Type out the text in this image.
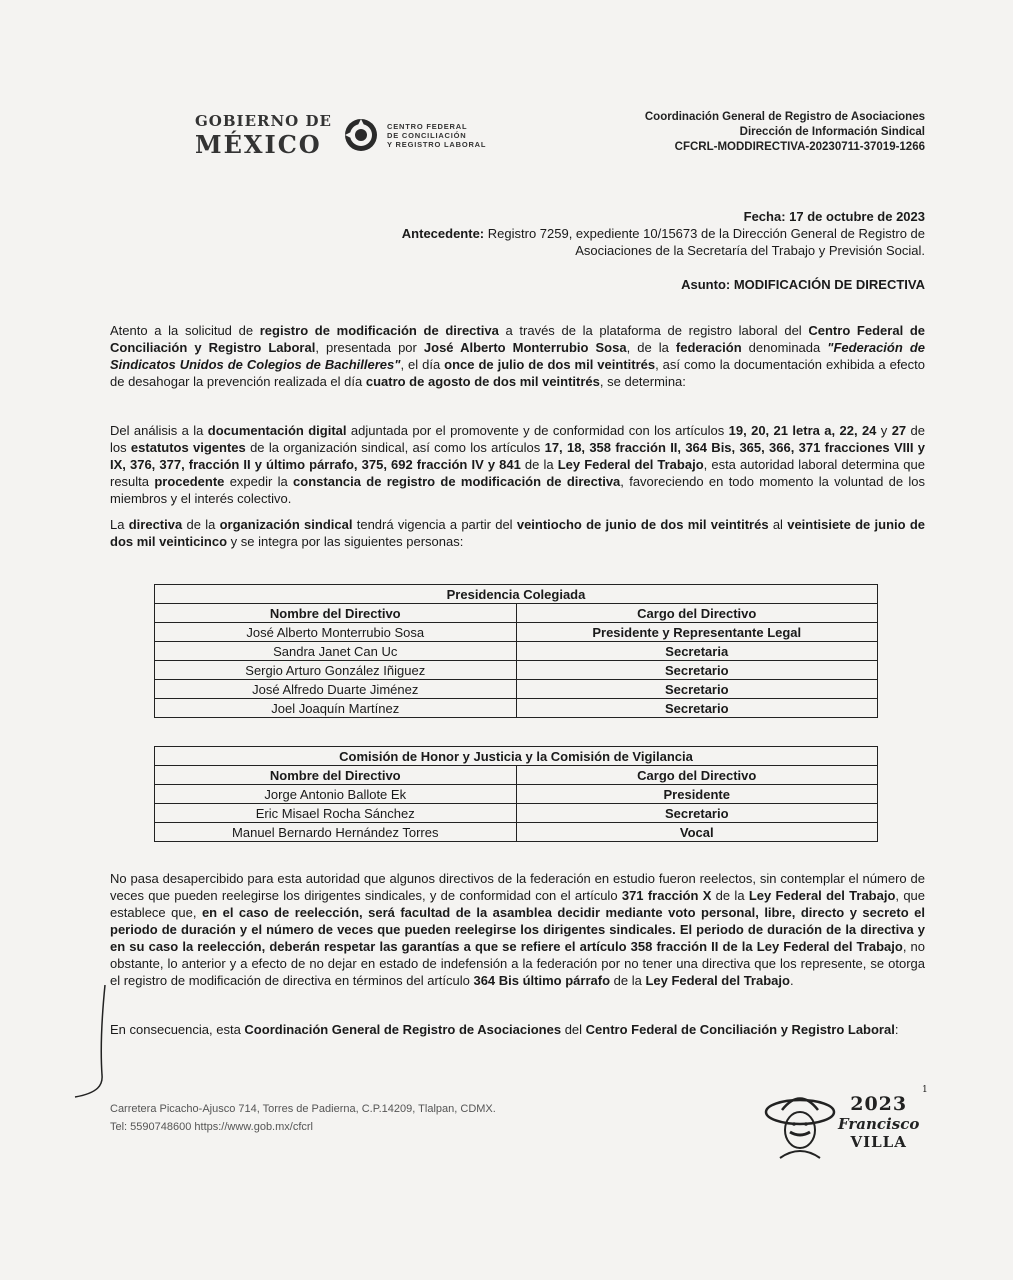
GOBIERNO DE
MÉXICO
CENTRO FEDERAL
DE CONCILIACIÓN
Y REGISTRO LABORAL
Coordinación General de Registro de Asociaciones
Dirección de Información Sindical
CFCRL-MODDIRECTIVA-20230711-37019-1266
Fecha: 17 de octubre de 2023
Antecedente: Registro 7259, expediente 10/15673 de la Dirección General de Registro de Asociaciones de la Secretaría del Trabajo y Previsión Social.
Asunto: MODIFICACIÓN DE DIRECTIVA
Atento a la solicitud de registro de modificación de directiva a través de la plataforma de registro laboral del Centro Federal de Conciliación y Registro Laboral, presentada por José Alberto Monterrubio Sosa, de la federación denominada "Federación de Sindicatos Unidos de Colegios de Bachilleres", el día once de julio de dos mil veintitrés, así como la documentación exhibida a efecto de desahogar la prevención realizada el día cuatro de agosto de dos mil veintitrés, se determina:
Del análisis a la documentación digital adjuntada por el promovente y de conformidad con los artículos 19, 20, 21 letra a, 22, 24 y 27 de los estatutos vigentes de la organización sindical, así como los artículos 17, 18, 358 fracción II, 364 Bis, 365, 366, 371 fracciones VIII y IX, 376, 377, fracción II y último párrafo, 375, 692 fracción IV y 841 de la Ley Federal del Trabajo, esta autoridad laboral determina que resulta procedente expedir la constancia de registro de modificación de directiva, favoreciendo en todo momento la voluntad de los miembros y el interés colectivo.
La directiva de la organización sindical tendrá vigencia a partir del veintiocho de junio de dos mil veintitrés al veintisiete de junio de dos mil veinticinco y se integra por las siguientes personas:
Presidencia Colegiada	
Nombre del Directivo	Cargo del Directivo
José Alberto Monterrubio Sosa	Presidente y Representante Legal
Sandra Janet Can Uc	Secretaria
Sergio Arturo González Iñiguez	Secretario
José Alfredo Duarte Jiménez	Secretario
Joel Joaquín Martínez	Secretario
Comisión de Honor y Justicia y la Comisión de Vigilancia	
Nombre del Directivo	Cargo del Directivo
Jorge Antonio Ballote Ek	Presidente
Eric Misael Rocha Sánchez	Secretario
Manuel Bernardo Hernández Torres	Vocal
No pasa desapercibido para esta autoridad que algunos directivos de la federación en estudio fueron reelectos, sin contemplar el número de veces que pueden reelegirse los dirigentes sindicales, y de conformidad con el artículo 371 fracción X de la Ley Federal del Trabajo, que establece que, en el caso de reelección, será facultad de la asamblea decidir mediante voto personal, libre, directo y secreto el periodo de duración y el número de veces que pueden reelegirse los dirigentes sindicales. El periodo de duración de la directiva y en su caso la reelección, deberán respetar las garantías a que se refiere el artículo 358 fracción II de la Ley Federal del Trabajo, no obstante, lo anterior y a efecto de no dejar en estado de indefensión a la federación por no tener una directiva que los represente, se otorga el registro de modificación de directiva en términos del artículo 364 Bis último párrafo de la Ley Federal del Trabajo.
En consecuencia, esta Coordinación General de Registro de Asociaciones del Centro Federal de Conciliación y Registro Laboral:
Carretera Picacho-Ajusco 714, Torres de Padierna, C.P.14209, Tlalpan, CDMX.
Tel: 5590748600 https://www.gob.mx/cfcrl
1
2023
Francisco
VILLA
